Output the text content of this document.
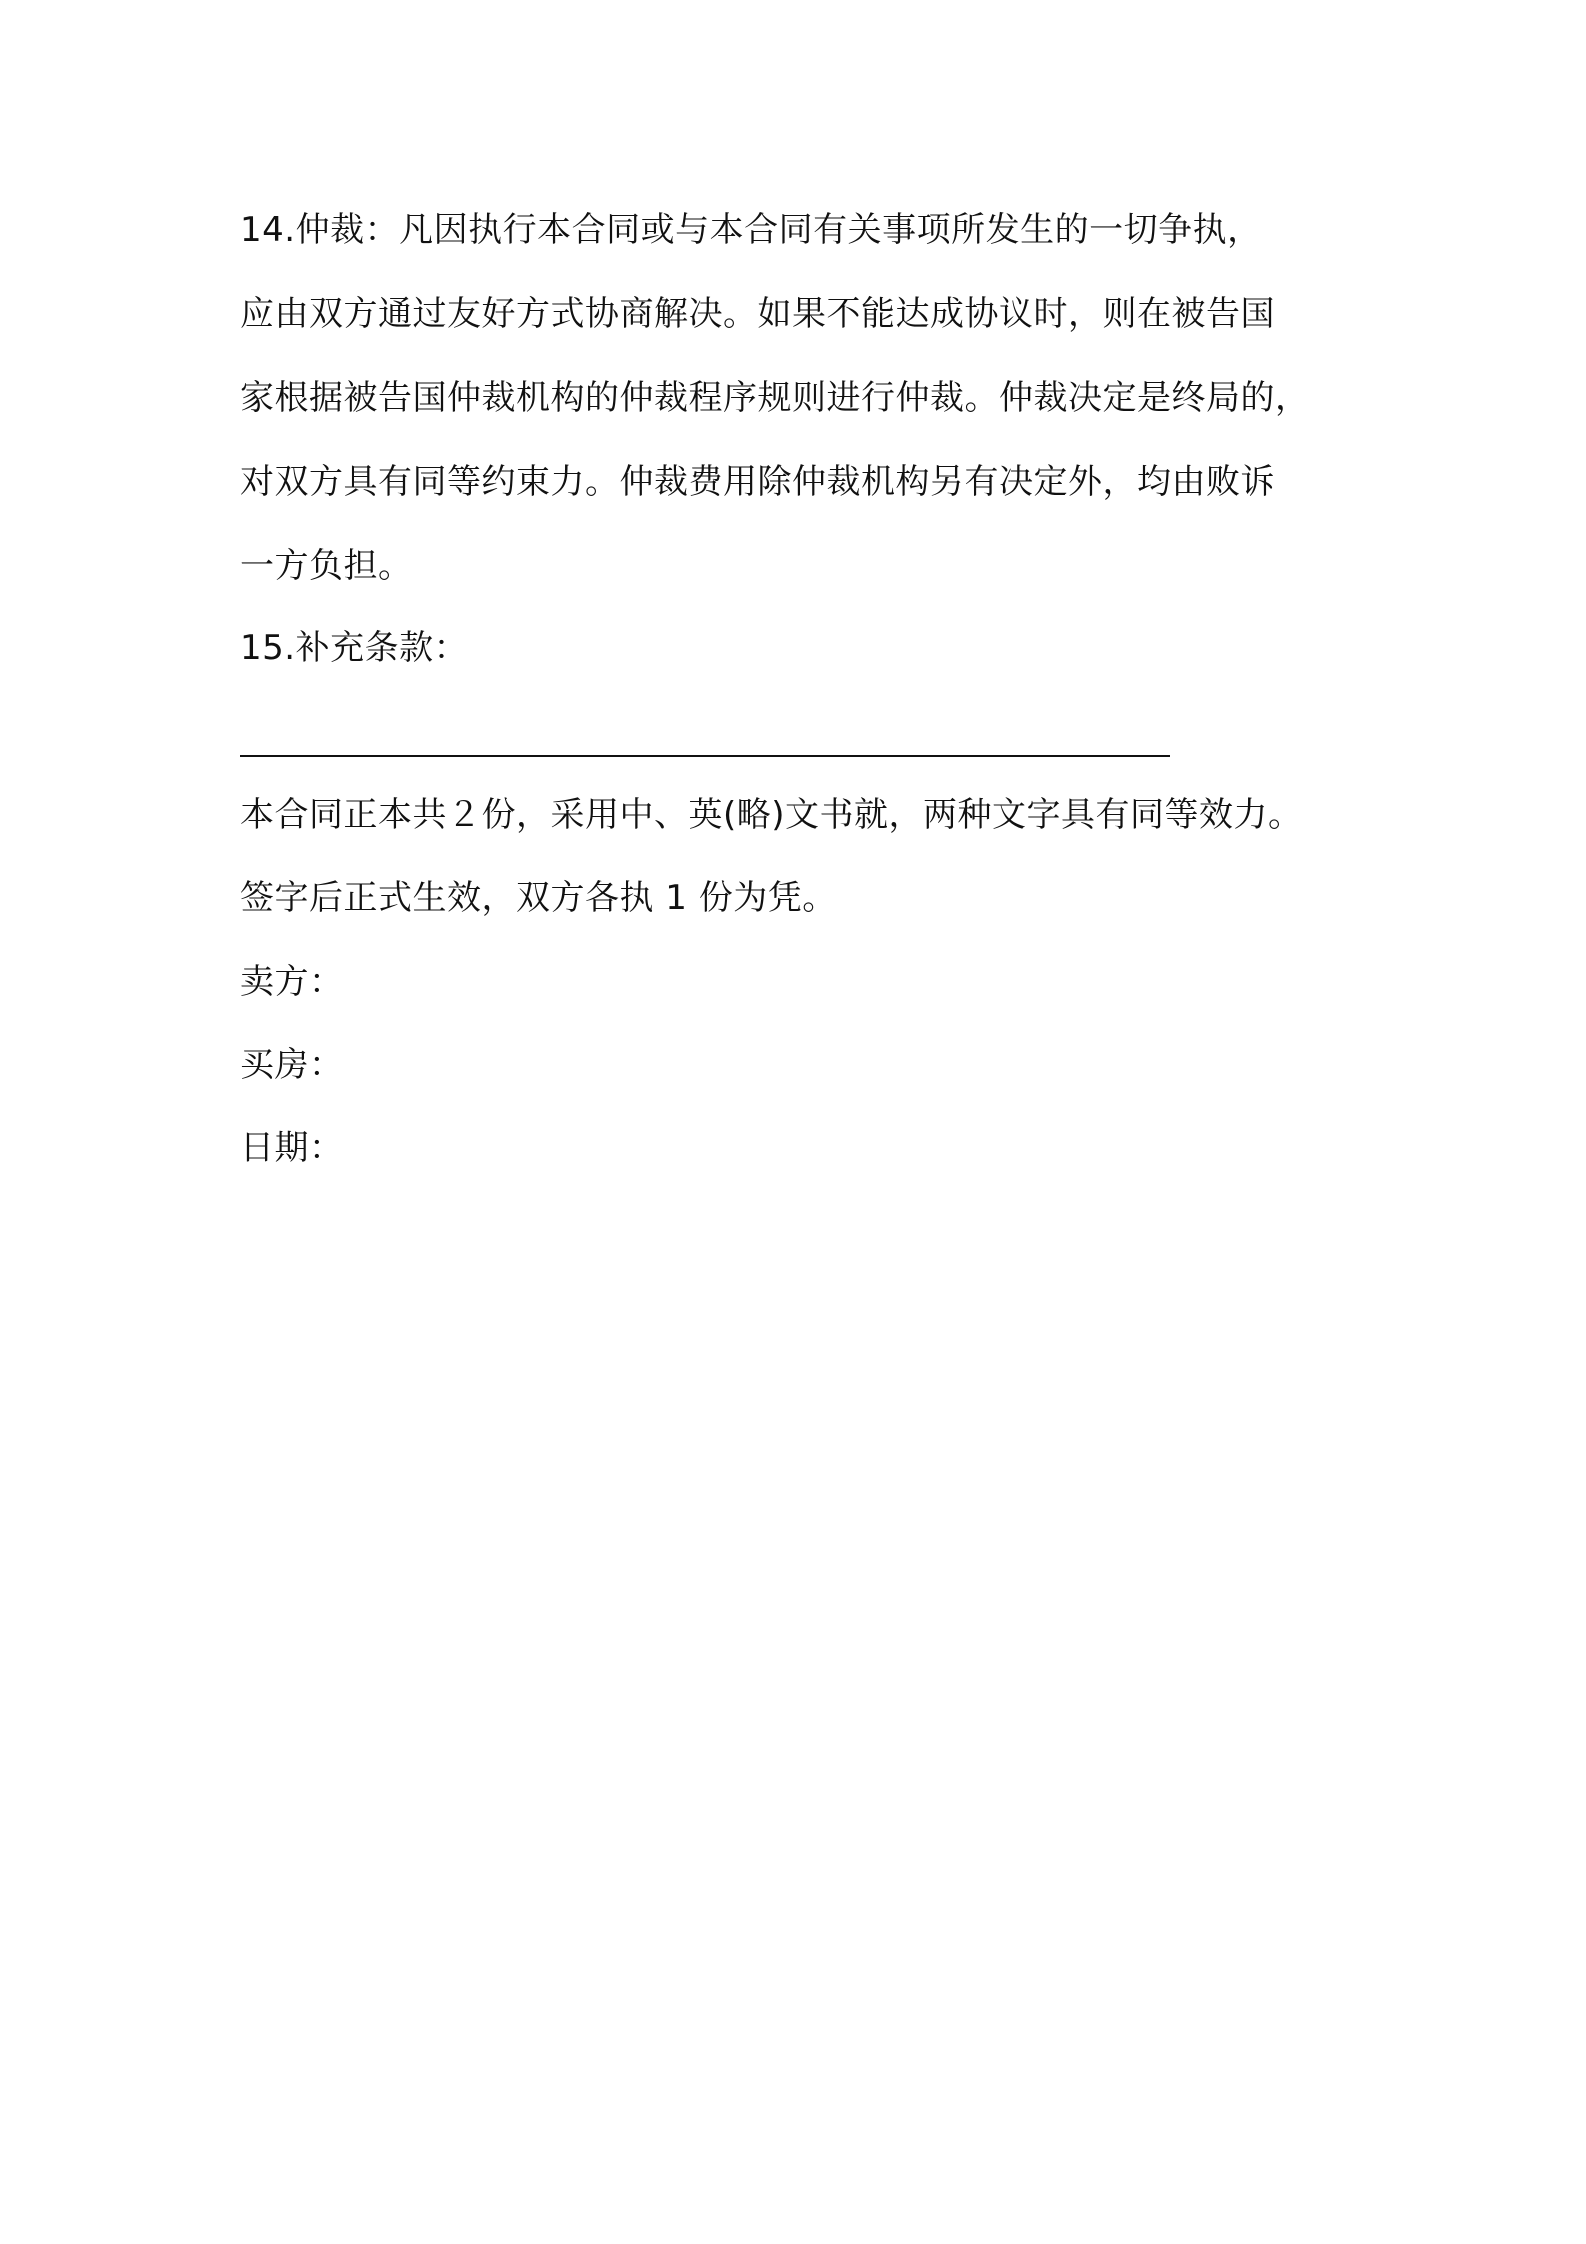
14.仲裁：凡因执行本合同或与本合同有关事项所发生的一切争执，
应由双方通过友好方式协商解决。如果不能达成协议时，则在被告国
家根据被告国仲裁机构的仲裁程序规则进行仲裁。仲裁决定是终局的，
对双方具有同等约束力。仲裁费用除仲裁机构另有决定外，均由败诉
一方负担。
15.补充条款：
本合同正本共２份，采用中、英(略)文书就，两种文字具有同等效力。
签字后正式生效，双方各执 1 份为凭。
卖方：
买房：
日期：
